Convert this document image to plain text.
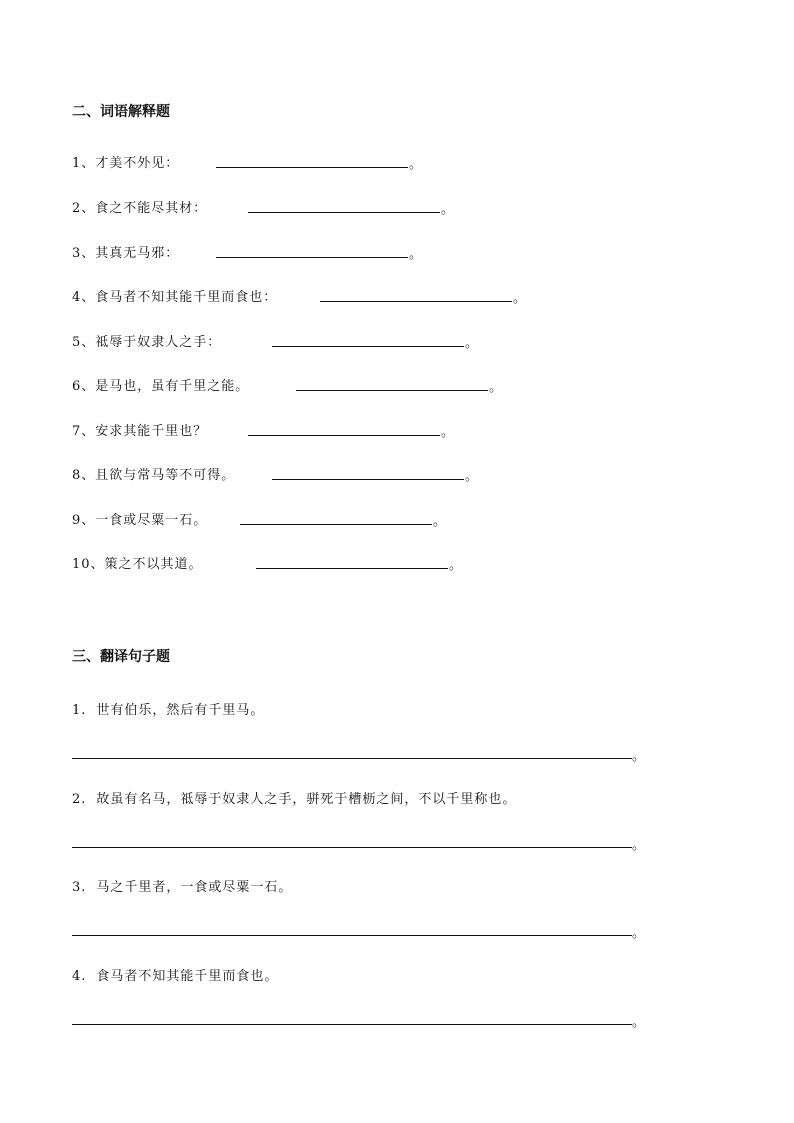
二、词语解释题
1、才美不外见：	。
2、食之不能尽其材：	。
3、其真无马邪：	。
4、食马者不知其能千里而食也：	。
5、祗辱于奴隶人之手：	。
6、是马也，虽有千里之能。	。
7、安求其能千里也？	。
8、且欲与常马等不可得。	。
9、一食或尽粟一石。	。
10、策之不以其道。	。
三、翻译句子题
1. 世有伯乐，然后有千里马。
。
2. 故虽有名马，祗辱于奴隶人之手，骈死于槽枥之间，不以千里称也。
。
3. 马之千里者，一食或尽粟一石。
。
4. 食马者不知其能千里而食也。
。
